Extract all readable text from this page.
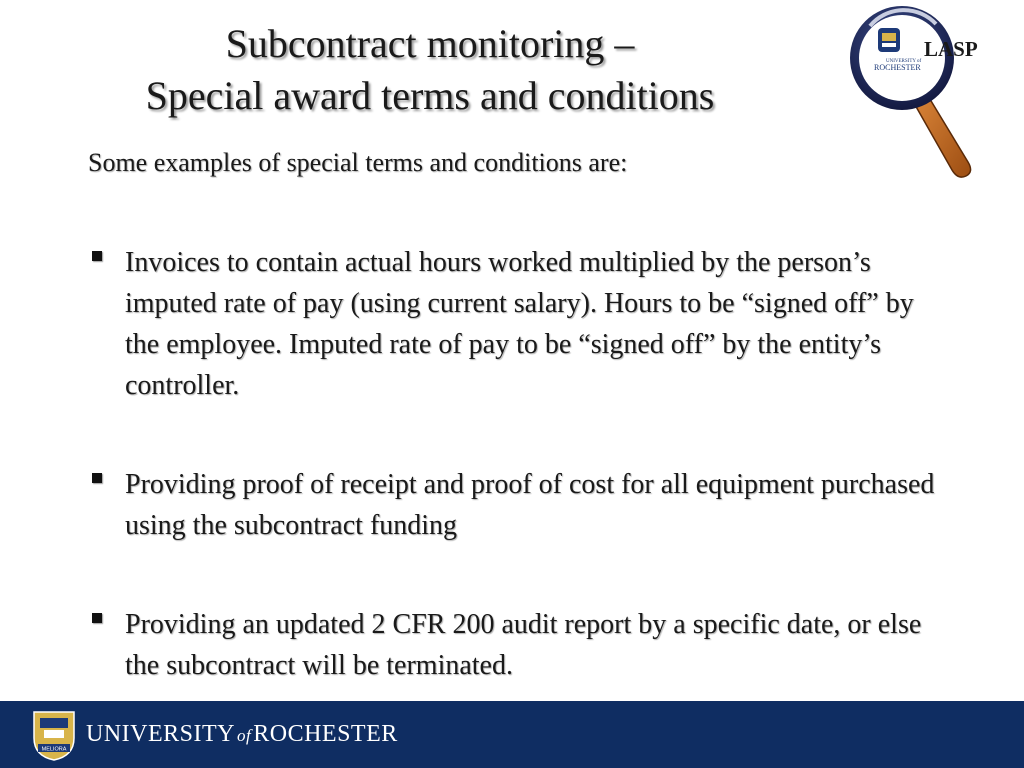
Subcontract monitoring –
Special award terms and conditions
UNIVERSITY of
ROCHESTER
LASP
Some examples of special terms and conditions are:
Invoices to contain actual hours worked multiplied by the person’s imputed rate of pay (using current salary). Hours to be “signed off” by the employee. Imputed rate of pay to be “signed off” by the entity’s controller.
Providing proof of receipt and proof of cost for all equipment purchased using the subcontract funding
Providing an updated 2 CFR 200 audit report by a specific date, or else the subcontract will be terminated.
MELIORA
UNIVERSITY ofROCHESTER
